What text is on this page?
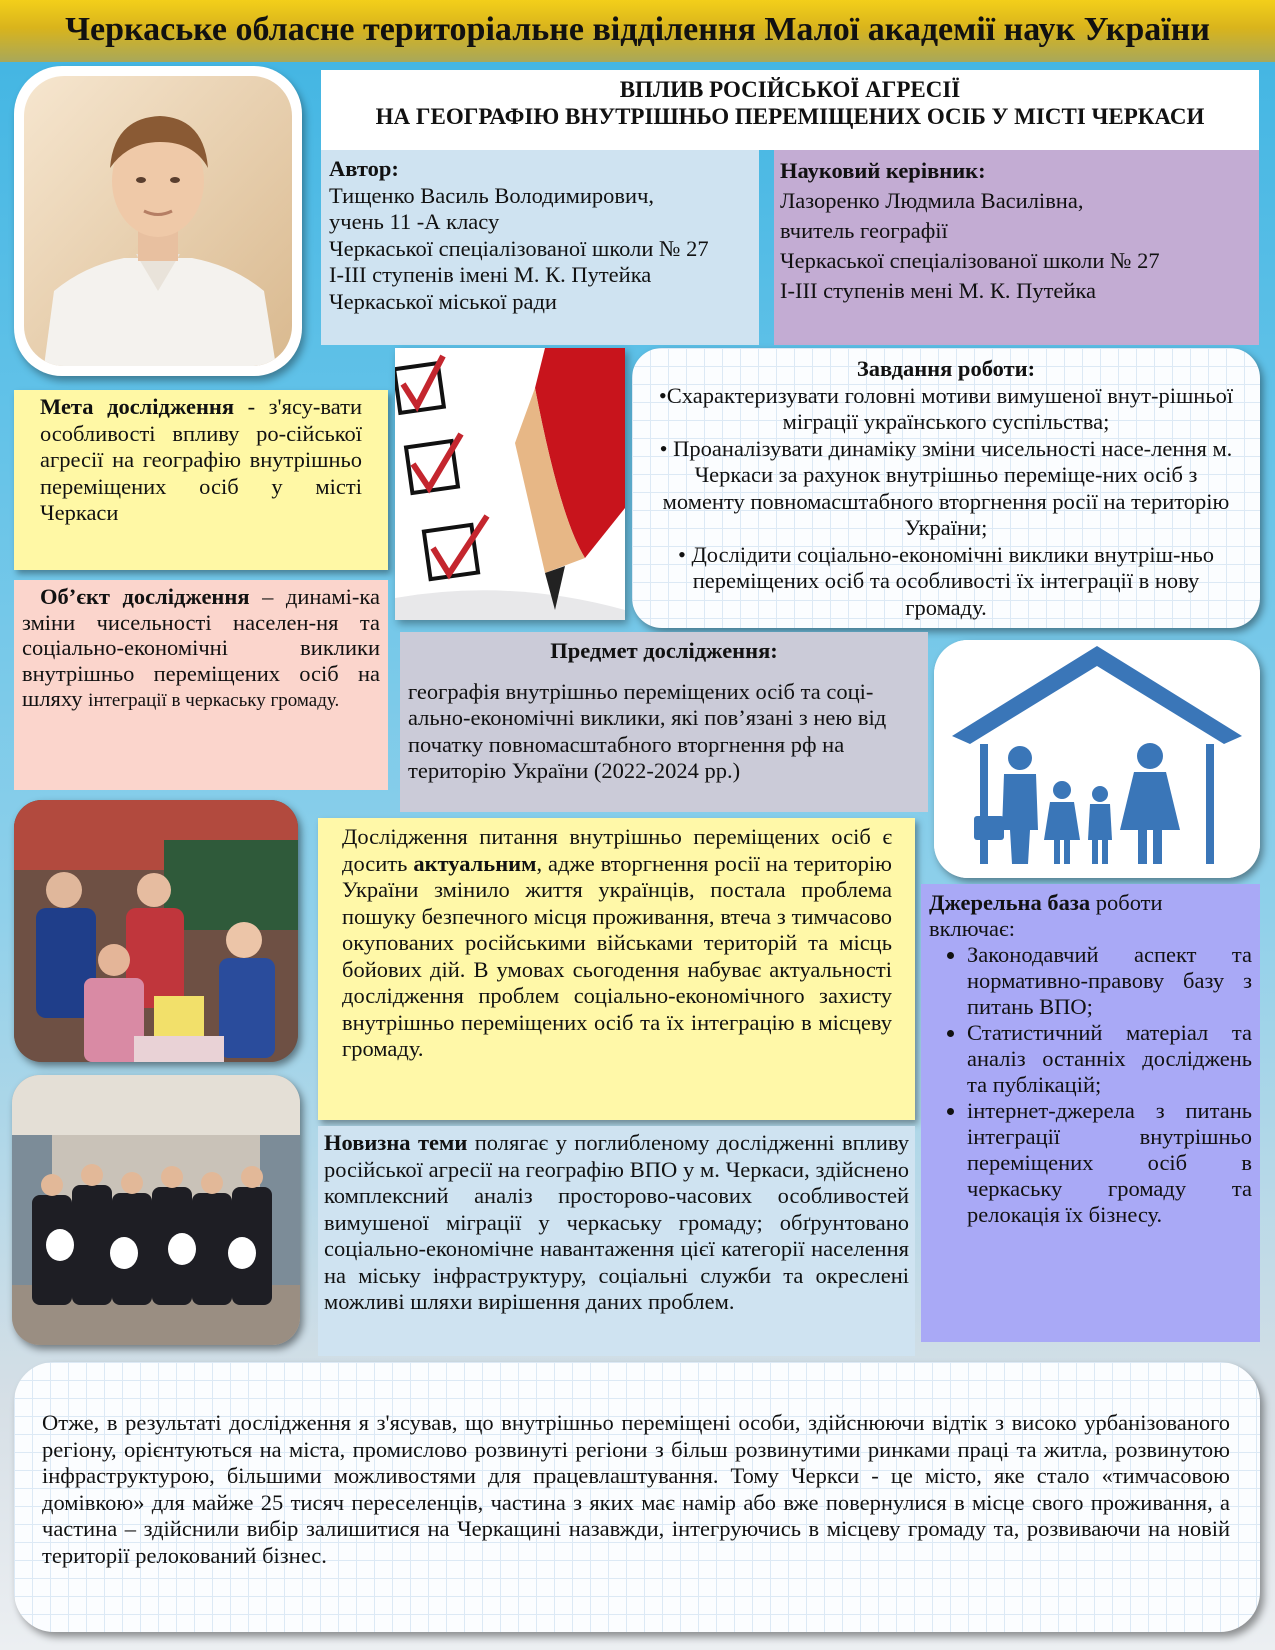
Черкаське обласне територіальне відділення Малої академії наук України
ВПЛИВ РОСІЙСЬКОЇ АГРЕСІЇ
НА ГЕОГРАФІЮ ВНУТРІШНЬО ПЕРЕМІЩЕНИХ ОСІБ У МІСТІ ЧЕРКАСИ
Автор:
Тищенко Василь Володимирович,
учень 11 -А класу
Черкаської спеціалізованої школи № 27
І-ІІІ ступенів імені М. К. Путейка
Черкаської міської ради
Науковий керівник:
Лазоренко Людмила Василівна,
вчитель географії
Черкаської спеціалізованої школи № 27
І-ІІІ ступенів мені М. К. Путейка
Мета дослідження - з'ясу-вати особливості впливу ро-сійської агресії на географію внутрішньо переміщених осіб у місті Черкаси
Завдання роботи:
•Схарактеризувати головні мотиви вимушеної внут-рішньої міграції українського суспільства;
• Проаналізувати динаміку зміни чисельності насе-лення м. Черкаси за рахунок внутрішньо переміще-них осіб з моменту повномасштабного вторгнення росії на територію України;
• Дослідити соціально-економічні виклики внутріш-ньо переміщених осіб та особливості їх інтеграції в нову громаду.
Об’єкт дослідження – динамі-ка зміни чисельності населен-ня та соціально-економічні виклики внутрішньо переміщених осіб на шляху інтеграції в черкаську громаду.
Предмет дослідження:
географія внутрішньо переміщених осіб та соці-ально-економічні виклики, які пов’язані з нею від початку повномасштабного вторгнення рф на територію України (2022-2024 рр.)
Дослідження питання внутрішньо переміщених осіб є досить актуальним, адже вторгнення росії на територію України змінило життя українців, постала проблема пошуку безпечного місця проживання, втеча з тимчасово окупованих російськими військами територій та місць бойових дій. В умовах сьогодення набуває актуальності дослідження проблем соціально-економічного захисту внутрішньо переміщених осіб та їх інтеграцію в місцеву громаду.
Джерельна база роботи включає:
• Законодавчий аспект та нормативно-правову базу з питань ВПО;
• Статистичний матеріал та аналіз останніх досліджень та публікацій;
• інтернет-джерела з питань інтеграції внутрішньо переміщених осіб в черкаську громаду та релокація їх бізнесу.
Новизна теми полягає у поглибленому дослідженні впливу російської агресії на географію ВПО у м. Черкаси, здійснено комплексний аналіз просторово-часових особливостей вимушеної міграції у черкаську громаду; обґрунтовано соціально-економічне навантаження цієї категорії населення на міську інфраструктуру, соціальні служби та окреслені можливі шляхи вирішення даних проблем.
Отже, в результаті дослідження я з'ясував, що внутрішньо переміщені особи, здійснюючи відтік з високо урбанізованого регіону, орієнтуються на міста, промислово розвинуті регіони з більш розвинутими ринками праці та житла, розвинутою інфраструктурою, більшими можливостями для працевлаштування. Тому Черкси - це місто, яке стало «тимчасовою домівкою» для майже 25 тисяч переселенців, частина з яких має намір або вже повернулися в місце свого проживання, а частина – здійснили вибір залишитися на Черкащині назавжди, інтегруючись в місцеву громаду та, розвиваючи на новій території релокований бізнес.
